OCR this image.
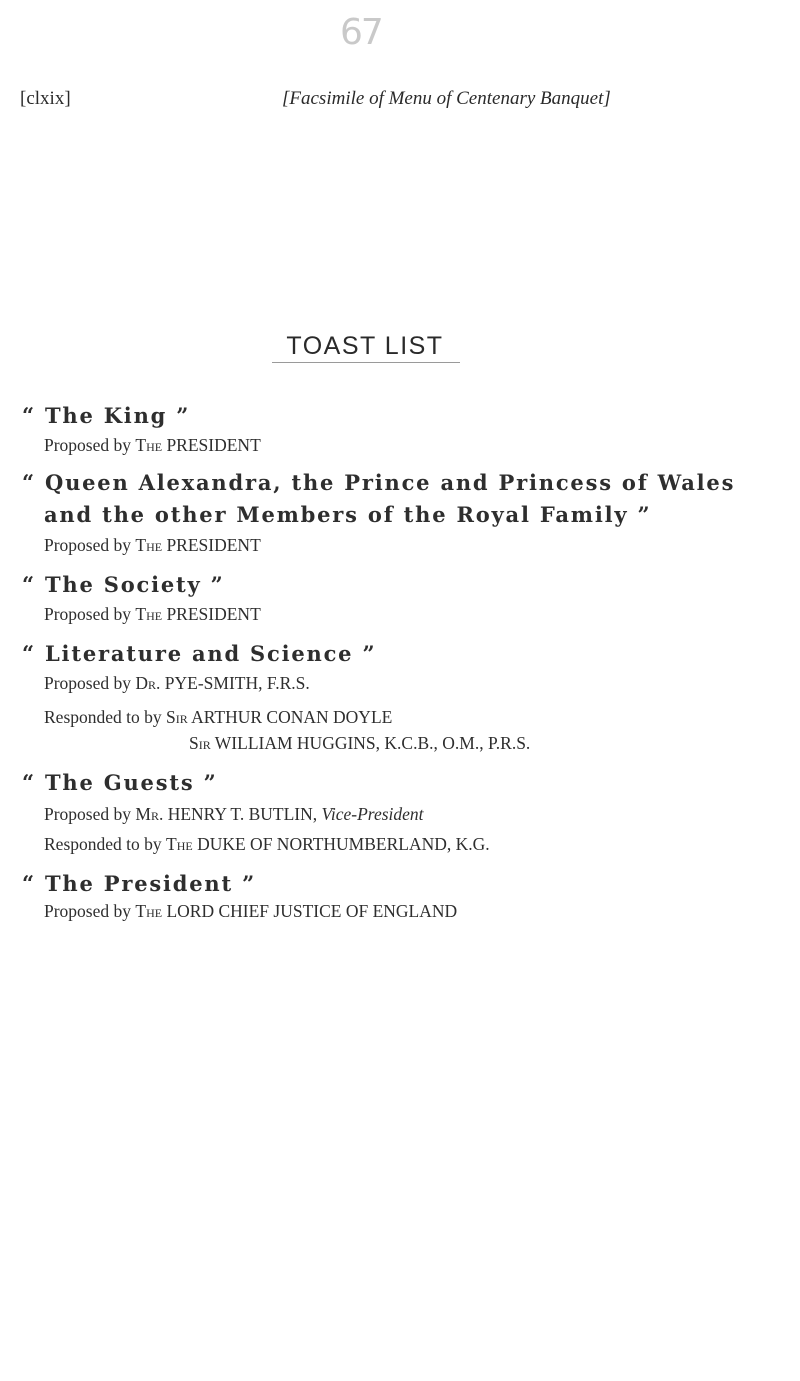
67
[clxix]	[Facsimile of Menu of Centenary Banquet]
TOAST LIST
“ The King ”
Proposed by The PRESIDENT
“ Queen Alexandra, the Prince and Princess of Wales
and the other Members of the Royal Family ”
Proposed by The PRESIDENT
“ The Society ”
Proposed by The PRESIDENT
“ Literature and Science ”
Proposed by Dr. PYE-SMITH, F.R.S.
Responded to by Sir ARTHUR CONAN DOYLE
Sir WILLIAM HUGGINS, K.C.B., O.M., P.R.S.
“ The Guests ”
Proposed by Mr. HENRY T. BUTLIN, Vice-President
Responded to by The DUKE OF NORTHUMBERLAND, K.G.
“ The President ”
Proposed by The LORD CHIEF JUSTICE OF ENGLAND
